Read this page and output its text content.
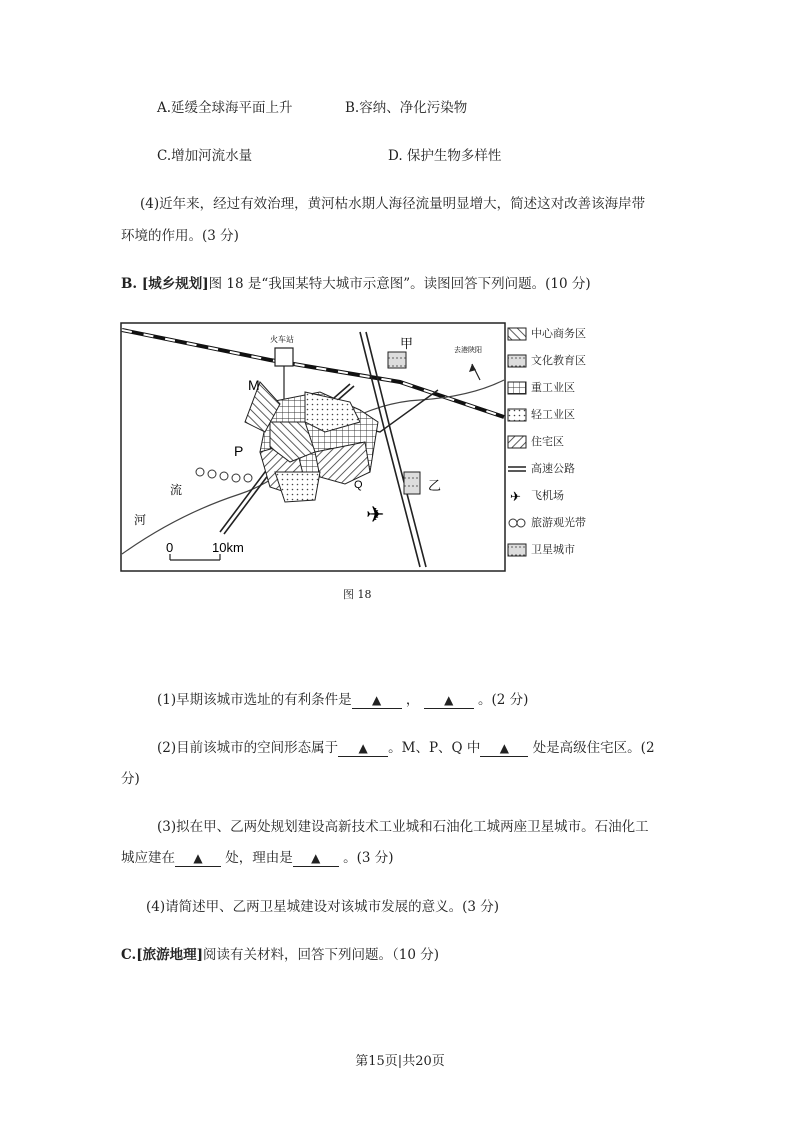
A.延缓全球海平面上升	B.容纳、净化污染物
C.增加河流水量	D. 保护生物多样性
(4)近年来，经过有效治理，黄河枯水期人海径流量明显增大，简述这对改善该海岸带
环境的作用。(3 分)
B. [城乡规划]图 18 是“我国某特大城市示意图”。读图回答下列问题。(10 分)
火车站
✈
去港陕阳
M
P
Q
甲
乙
流
河
0	10km
中心商务区
文化教育区
重工业区
轻工业区
住宅区
高速公路
✈ 飞机场
旅游观光带
卫星城市
图 18
(1)早期该城市选址的有利条件是 ▲ ， ▲ 。(2 分)
(2)目前该城市的空间形态属于 ▲ 。M、P、Q 中 ▲ 处是高级住宅区。(2
分)
(3)拟在甲、乙两处规划建设高新技术工业城和石油化工城两座卫星城市。石油化工
城应建在 ▲ 处，理由是 ▲ 。(3 分)
(4)请简述甲、乙两卫星城建设对该城市发展的意义。(3 分)
C.[旅游地理]阅读有关材料，回答下列问题。（10 分)
第15页|共20页
